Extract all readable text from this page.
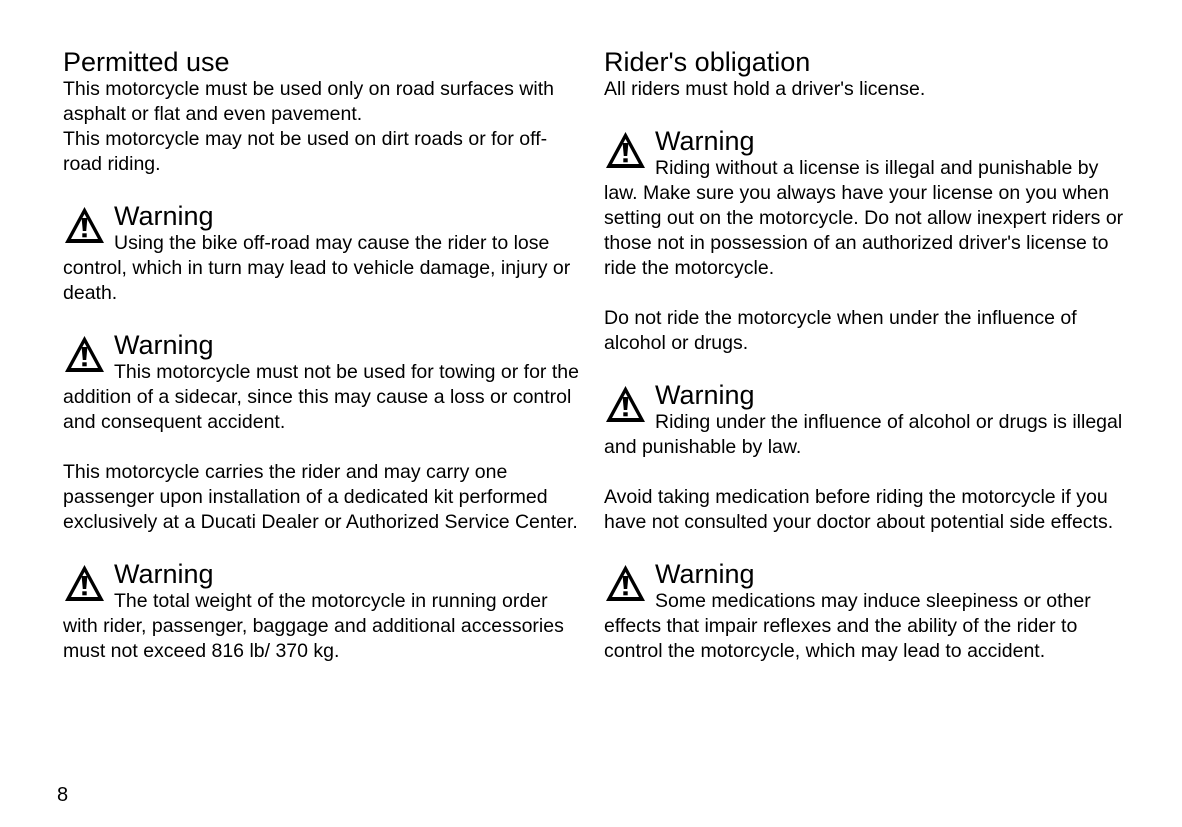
Permitted use

This motorcycle must be used only on road surfaces with asphalt or flat and even pavement.

This motorcycle may not be used on dirt roads or for off-road riding.

Warning

Using the bike off-road may cause the rider to lose control, which in turn may lead to vehicle damage, injury or death.

Warning

This motorcycle must not be used for towing or for the addition of a sidecar, since this may cause a loss or control and consequent accident.

This motorcycle carries the rider and may carry one passenger upon installation of a dedicated kit performed exclusively at a Ducati Dealer or Authorized Service Center.

Warning

The total weight of the motorcycle in running order with rider, passenger, baggage and additional accessories must not exceed 816 lb/ 370 kg.

Rider's obligation

All riders must hold a driver's license.

Warning

Riding without a license is illegal and punishable by law. Make sure you always have your license on you when setting out on the motorcycle. Do not allow inexpert riders or those not in possession of an authorized driver's license to ride the motorcycle.

Do not ride the motorcycle when under the influence of alcohol or drugs.

Warning

Riding under the influence of alcohol or drugs is illegal and punishable by law.

Avoid taking medication before riding the motorcycle if you have not consulted your doctor about potential side effects.

Warning

Some medications may induce sleepiness or other effects that impair reflexes and the ability of the rider to control the motorcycle, which may lead to accident.

8
